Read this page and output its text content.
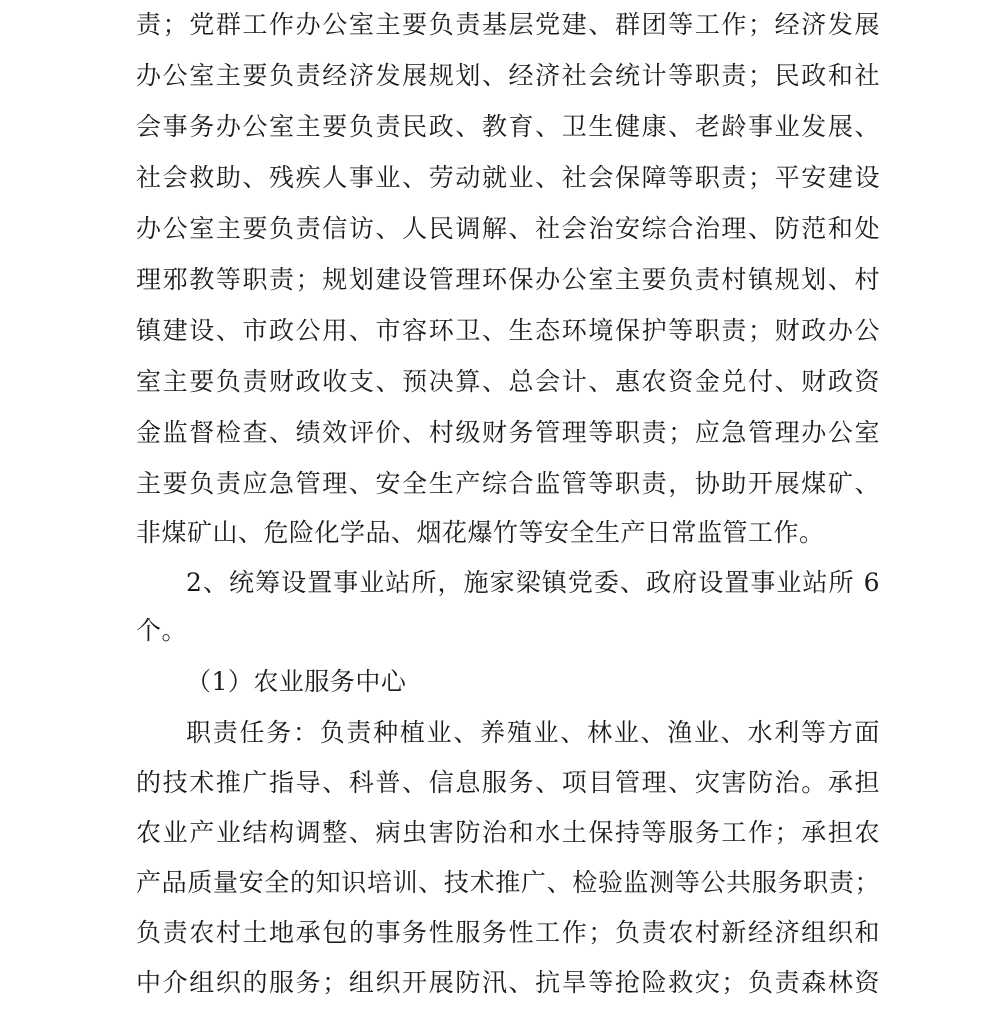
责；党群工作办公室主要负责基层党建、群团等工作；经济发展
办公室主要负责经济发展规划、经济社会统计等职责；民政和社
会事务办公室主要负责民政、教育、卫生健康、老龄事业发展、
社会救助、残疾人事业、劳动就业、社会保障等职责；平安建设
办公室主要负责信访、人民调解、社会治安综合治理、防范和处
理邪教等职责；规划建设管理环保办公室主要负责村镇规划、村
镇建设、市政公用、市容环卫、生态环境保护等职责；财政办公
室主要负责财政收支、预决算、总会计、惠农资金兑付、财政资
金监督检查、绩效评价、村级财务管理等职责；应急管理办公室
主要负责应急管理、安全生产综合监管等职责，协助开展煤矿、
非煤矿山、危险化学品、烟花爆竹等安全生产日常监管工作。
2、统筹设置事业站所，施家梁镇党委、政府设置事业站所 6
个。
（1）农业服务中心
职责任务：负责种植业、养殖业、林业、渔业、水利等方面
的技术推广指导、科普、信息服务、项目管理、灾害防治。承担
农业产业结构调整、病虫害防治和水土保持等服务工作；承担农
产品质量安全的知识培训、技术推广、检验监测等公共服务职责；
负责农村土地承包的事务性服务性工作；负责农村新经济组织和
中介组织的服务；组织开展防汛、抗旱等抢险救灾；负责森林资
